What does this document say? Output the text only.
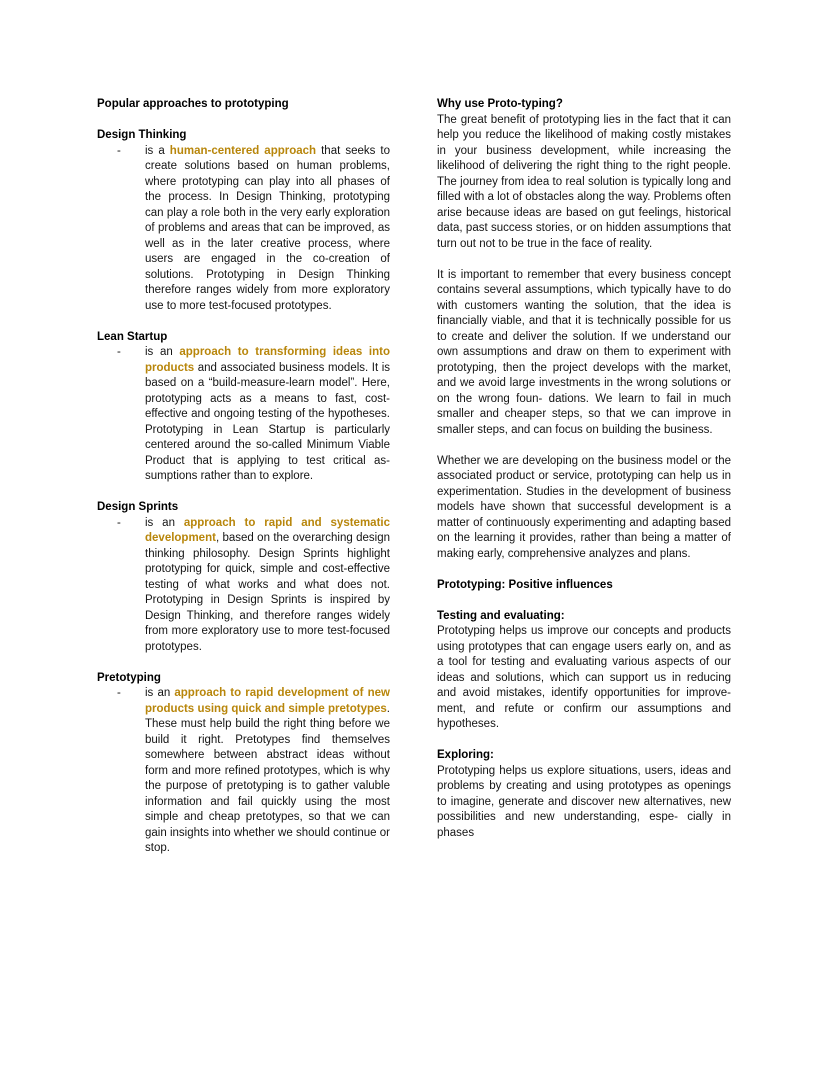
Popular approaches to prototyping
Design Thinking
-	is a human-centered approach that seeks to create solutions based on human problems, where prototyping can play into all phases of the process. In Design Thinking, prototyping can play a role both in the very early exploration of problems and areas that can be improved, as well as in the later creative process, where users are engaged in the co-creation of solutions. Prototyping in Design Thinking therefore ranges widely from more exploratory use to more test-focused prototypes.

Lean Startup
-	is an approach to transforming ideas into products and associated business models. It is based on a “build-measure-learn model”. Here, prototyping acts as a means to fast, cost-effective and ongoing testing of the hypotheses. Prototyping in Lean Startup is particularly centered around the so-called Minimum Viable Product that is applying to test critical as- sumptions rather than to explore.

Design Sprints
-	is an approach to rapid and systematic development, based on the overarching design thinking philosophy. Design Sprints highlight prototyping for quick, simple and cost-effective testing of what works and what does not. Prototyping in Design Sprints is inspired by Design Thinking, and therefore ranges widely from more exploratory use to more test-focused prototypes.

Pretotyping
-	is an approach to rapid development of new products using quick and simple pretotypes. These must help build the right thing before we build it right. Pretotypes find themselves somewhere between abstract ideas without form and more refined prototypes, which is why the purpose of pretotyping is to gather valuble information and fail quickly using the most simple and cheap pretotypes, so that we can gain insights into whether we should continue or stop.

Why use Proto-typing?

The great benefit of prototyping lies in the fact that it can help you reduce the likelihood of making costly mistakes in your business development, while increasing the likelihood of delivering the right thing to the right people. The journey from idea to real solution is typically long and filled with a lot of obstacles along the way. Problems often arise because ideas are based on gut feelings, historical data, past success stories, or on hidden assumptions that turn out not to be true in the face of reality.

It is important to remember that every business concept contains several assumptions, which typically have to do with customers wanting the solution, that the idea is financially viable, and that it is technically possible for us to create and deliver the solution. If we understand our own assumptions and draw on them to experiment with prototyping, then the project develops with the market, and we avoid large investments in the wrong solutions or on the wrong foun- dations. We learn to fail in much smaller and cheaper steps, so that we can improve in smaller steps, and can focus on building the business.

Whether we are developing on the business model or the associated product or service, prototyping can help us in experimentation. Studies in the development of business models have shown that successful development is a matter of continuously experimenting and adapting based on the learning it provides, rather than being a matter of making early, comprehensive analyzes and plans.

Prototyping: Positive influences
Testing and evaluating:

Prototyping helps us improve our concepts and products using prototypes that can engage users early on, and as a tool for testing and evaluating various aspects of our ideas and solutions, which can support us in reducing and avoid mistakes, identify opportunities for improve- ment, and refute or confirm our assumptions and hypotheses.

Exploring:

Prototyping helps us explore situations, users, ideas and problems by creating and using prototypes as openings to imagine, generate and discover new alternatives, new possibilities and new understanding, espe- cially in phases
